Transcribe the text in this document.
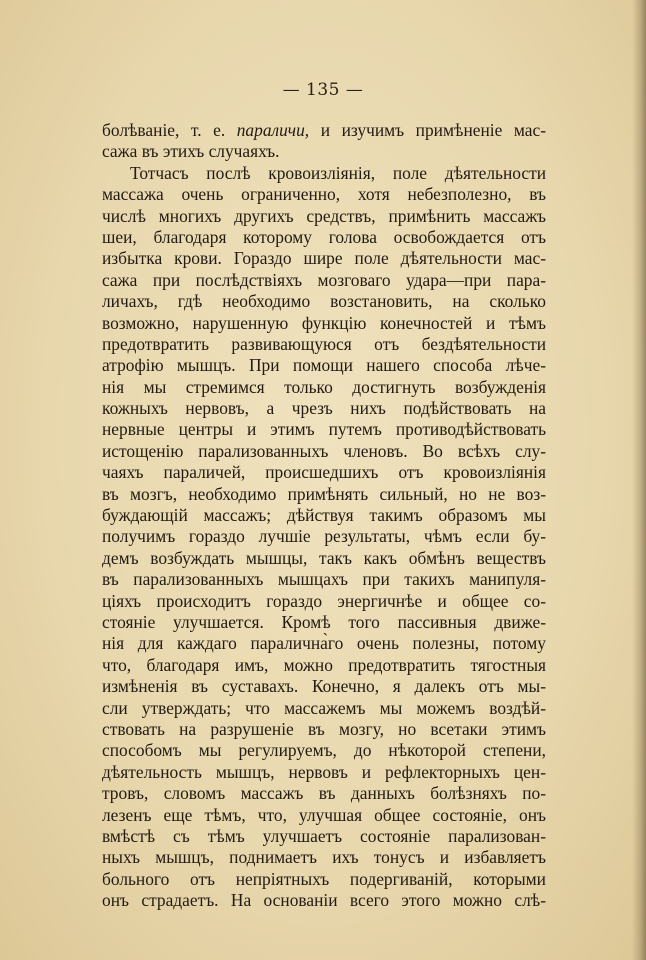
— 135 —
болѣваніе, т. е. параличи, и изучимъ примѣненіе мас-
сажа въ этихъ случаяхъ.
Тотчасъ послѣ кровоизліянія, поле дѣятельности
массажа очень ограниченно, хотя небезполезно, въ
числѣ многихъ другихъ средствъ, примѣнить массажъ
шеи, благодаря которому голова освобождается отъ
избытка крови. Гораздо шире поле дѣятельности мас-
сажа при послѣдствіяхъ мозговаго удара—при пара-
личахъ, гдѣ необходимо возстановить, на сколько
возможно, нарушенную функцію конечностей и тѣмъ
предотвратить развивающуюся отъ бездѣятельности
атрофію мышцъ. При помощи нашего способа лѣче-
нія мы стремимся только достигнуть возбужденія
кожныхъ нервовъ, а чрезъ нихъ подѣйствовать на
нервные центры и этимъ путемъ противодѣйствовать
истощенію парализованныхъ членовъ. Во всѣхъ слу-
чаяхъ параличей, происшедшихъ отъ кровоизліянія
въ мозгъ, необходимо примѣнять сильный, но не воз-
буждающій массажъ; дѣйствуя такимъ образомъ мы
получимъ гораздо лучшіе результаты, чѣмъ если бу-
демъ возбуждать мышцы, такъ какъ обмѣнъ веществъ
въ парализованныхъ мышцахъ при такихъ манипуля-
ціяхъ происходитъ гораздо энергичнѣе и общее со-
стояніе улучшается. Кромѣ того пассивныя движе-
нія для каждаго паралична̀го очень полезны, потому
что, благодаря имъ, можно предотвратить тягостныя
измѣненія въ суставахъ. Конечно, я далекъ отъ мы-
сли утверждать; что массажемъ мы можемъ воздѣй-
ствовать на разрушеніе въ мозгу, но всетаки этимъ
способомъ мы регулируемъ, до нѣкоторой степени,
дѣятельность мышцъ, нервовъ и рефлекторныхъ цен-
тровъ, словомъ массажъ въ данныхъ болѣзняхъ по-
лезенъ еще тѣмъ, что, улучшая общее состояніе, онъ
вмѣстѣ съ тѣмъ улучшаетъ состояніе парализован-
ныхъ мышцъ, поднимаетъ ихъ тонусъ и избавляетъ
больного отъ непріятныхъ подергиваній, которыми
онъ страдаетъ. На основаніи всего этого можно слѣ-
